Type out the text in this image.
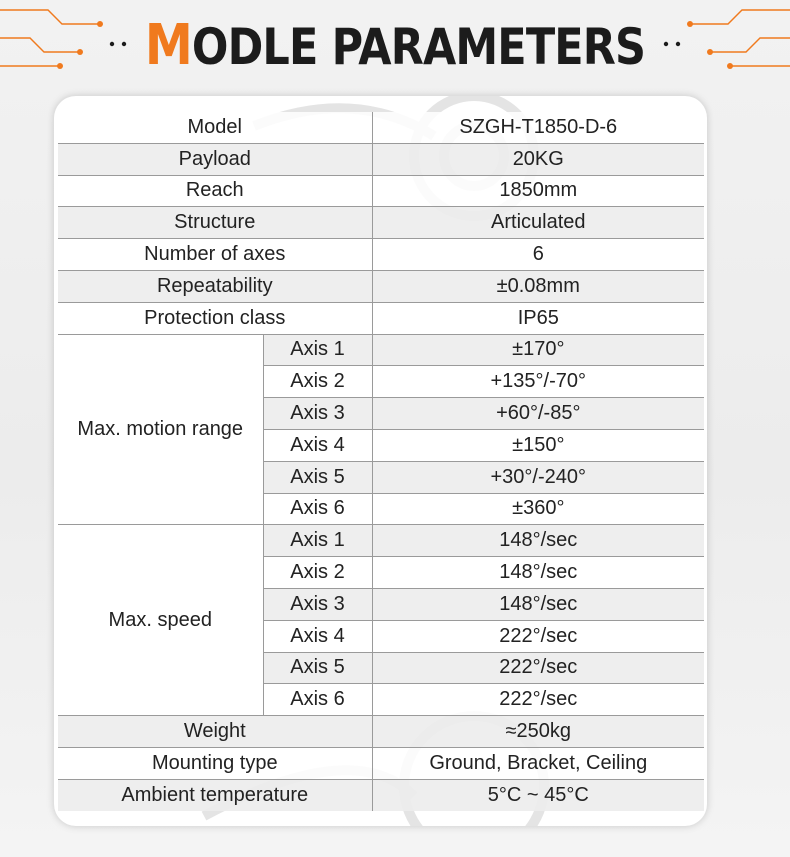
MODLE PARAMETERS
Model		SZGH-T1850-D-6
Payload		20KG
Reach		1850mm
Structure		Articulated
Number of axes		6
Repeatability		±0.08mm
Protection class		IP65
Max. motion range	Axis 1	±170°
	Axis 2	+135°/-70°
	Axis 3	+60°/-85°
	Axis 4	±150°
	Axis 5	+30°/-240°
	Axis 6	±360°
Max. speed	Axis 1	148°/sec
	Axis 2	148°/sec
	Axis 3	148°/sec
	Axis 4	222°/sec
	Axis 5	222°/sec
	Axis 6	222°/sec
Weight		≈250kg
Mounting type		Ground, Bracket, Ceiling
Ambient temperature		5°C ~ 45°C
